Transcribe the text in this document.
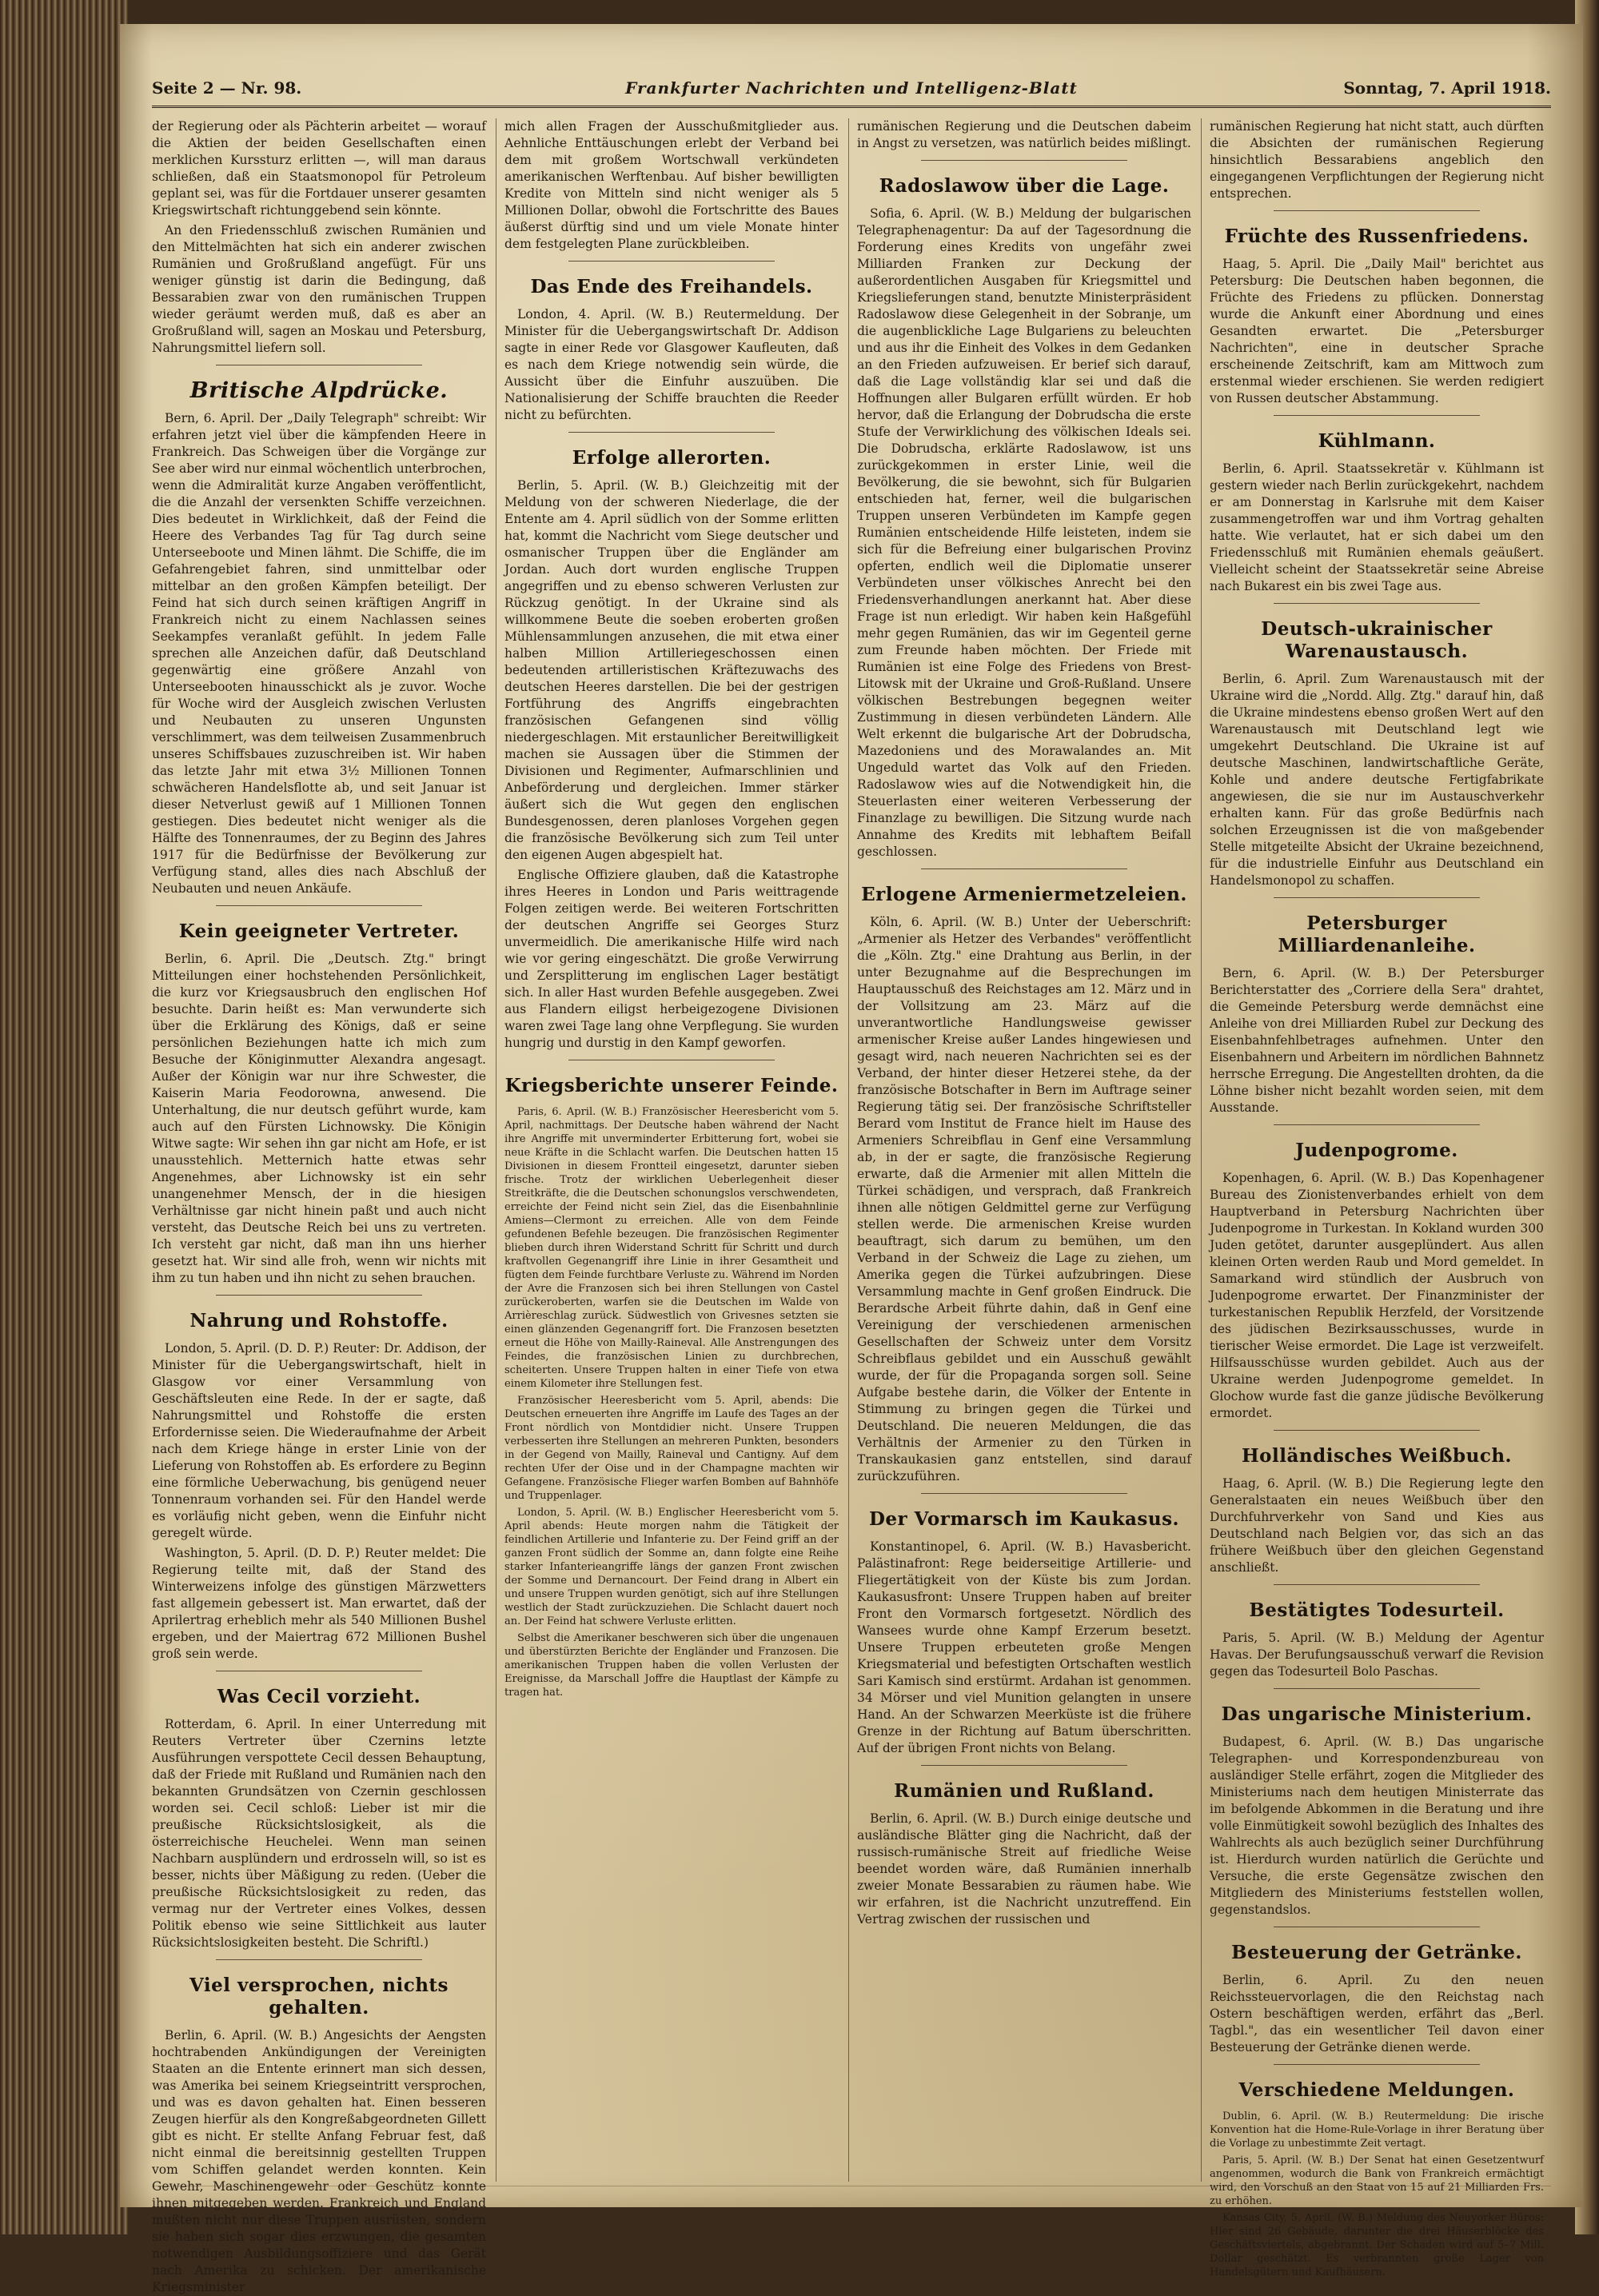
Seite 2 — Nr. 98.	Frankfurter Nachrichten und Intelligenz-Blatt	Sonntag, 7. April 1918.

der Regierung oder als Pächterin arbeitet — worauf die Aktien der beiden Gesellschaften einen merklichen Kurssturz erlitten —, will man daraus schließen, daß ein Staatsmonopol für Petroleum geplant sei, was für die Fortdauer unserer gesamten Kriegswirtschaft richtunggebend sein könnte.

An den Friedensschluß zwischen Rumänien und den Mittelmächten hat sich ein anderer zwischen Rumänien und Großrußland angefügt. Für uns weniger günstig ist darin die Bedingung, daß Bessarabien zwar von den rumänischen Truppen wieder geräumt werden muß, daß es aber an Großrußland will, sagen an Moskau und Petersburg, Nahrungsmittel liefern soll.

Britische Alpdrücke.

Bern, 6. April. Der „Daily Telegraph" schreibt: Wir erfahren jetzt viel über die kämpfenden Heere in Frankreich. Das Schweigen über die Vorgänge zur See aber wird nur einmal wöchentlich unterbrochen, wenn die Admiralität kurze Angaben veröffentlicht, die die Anzahl der versenkten Schiffe verzeichnen. Dies bedeutet in Wirklichkeit, daß der Feind die Heere des Verbandes Tag für Tag durch seine Unterseeboote und Minen lähmt. Die Schiffe, die im Gefahrengebiet fahren, sind unmittelbar oder mittelbar an den großen Kämpfen beteiligt. Der Feind hat sich durch seinen kräftigen Angriff in Frankreich nicht zu einem Nachlassen seines Seekampfes veranlaßt gefühlt. In jedem Falle sprechen alle Anzeichen dafür, daß Deutschland gegenwärtig eine größere Anzahl von Unterseebooten hinausschickt als je zuvor. Woche für Woche wird der Ausgleich zwischen Verlusten und Neubauten zu unseren Ungunsten verschlimmert, was dem teilweisen Zusammenbruch unseres Schiffsbaues zuzuschreiben ist. Wir haben das letzte Jahr mit etwa 3½ Millionen Tonnen schwächeren Handelsflotte ab, und seit Januar ist dieser Netverlust gewiß auf 1 Millionen Tonnen gestiegen. Dies bedeutet nicht weniger als die Hälfte des Tonnenraumes, der zu Beginn des Jahres 1917 für die Bedürfnisse der Bevölkerung zur Verfügung stand, alles dies nach Abschluß der Neubauten und neuen Ankäufe.

Kein geeigneter Vertreter.

Berlin, 6. April. Die „Deutsch. Ztg." bringt Mitteilungen einer hochstehenden Persönlichkeit, die kurz vor Kriegsausbruch den englischen Hof besuchte. Darin heißt es: Man verwunderte sich über die Erklärung des Königs, daß er seine persönlichen Beziehungen hatte ich mich zum Besuche der Königinmutter Alexandra angesagt. Außer der Königin war nur ihre Schwester, die Kaiserin Maria Feodorowna, anwesend. Die Unterhaltung, die nur deutsch geführt wurde, kam auch auf den Fürsten Lichnowsky. Die Königin Witwe sagte: Wir sehen ihn gar nicht am Hofe, er ist unausstehlich. Metternich hatte etwas sehr Angenehmes, aber Lichnowsky ist ein sehr unangenehmer Mensch, der in die hiesigen Verhältnisse gar nicht hinein paßt und auch nicht versteht, das Deutsche Reich bei uns zu vertreten. Ich versteht gar nicht, daß man ihn uns hierher gesetzt hat. Wir sind alle froh, wenn wir nichts mit ihm zu tun haben und ihn nicht zu sehen brauchen.

Nahrung und Rohstoffe.

London, 5. April. (D. D. P.) Reuter: Dr. Addison, der Minister für die Uebergangswirtschaft, hielt in Glasgow vor einer Versammlung von Geschäftsleuten eine Rede. In der er sagte, daß Nahrungsmittel und Rohstoffe die ersten Erfordernisse seien. Die Wiederaufnahme der Arbeit nach dem Kriege hänge in erster Linie von der Lieferung von Rohstoffen ab. Es erfordere zu Beginn eine förmliche Ueberwachung, bis genügend neuer Tonnenraum vorhanden sei. Für den Handel werde es vorläufig nicht geben, wenn die Einfuhr nicht geregelt würde.

Washington, 5. April. (D. D. P.) Reuter meldet: Die Regierung teilte mit, daß der Stand des Winterweizens infolge des günstigen Märzwetters fast allgemein gebessert ist. Man erwartet, daß der Aprilertrag erheblich mehr als 540 Millionen Bushel ergeben, und der Maiertrag 672 Millionen Bushel groß sein werde.

Was Cecil vorzieht.

Rotterdam, 6. April. In einer Unterredung mit Reuters Vertreter über Czernins letzte Ausführungen verspottete Cecil dessen Behauptung, daß der Friede mit Rußland und Rumänien nach den bekannten Grundsätzen von Czernin geschlossen worden sei. Cecil schloß: Lieber ist mir die preußische Rücksichtslosigkeit, als die österreichische Heuchelei. Wenn man seinen Nachbarn ausplündern und erdrosseln will, so ist es besser, nichts über Mäßigung zu reden. (Ueber die preußische Rücksichtslosigkeit zu reden, das vermag nur der Vertreter eines Volkes, dessen Politik ebenso wie seine Sittlichkeit aus lauter Rücksichtslosigkeiten besteht. Die Schriftl.)

Viel versprochen, nichts gehalten.

Berlin, 6. April. (W. B.) Angesichts der Aengsten hochtrabenden Ankündigungen der Vereinigten Staaten an die Entente erinnert man sich dessen, was Amerika bei seinem Kriegseintritt versprochen, und was es davon gehalten hat. Einen besseren Zeugen hierfür als den Kongreßabgeordneten Gillett gibt es nicht. Er stellte Anfang Februar fest, daß nicht einmal die bereitsinnig gestellten Truppen vom Schiffen gelandet werden konnten. Kein Gewehr, Maschinengewehr oder Geschütz konnte ihnen mitgegeben werden. Frankreich und England mußten nicht nur diese Truppen ausrüsten, sondern sie haben sich sogar dies erzwungen, die gesamten notwendigen Ausbildungsoffiziere und das Gerät nach Amerika zu schicken. Der amerikanische Kriegsminister

mich allen Fragen der Ausschußmitglieder aus. Aehnliche Enttäuschungen erlebt der Verband bei dem mit großem Wortschwall verkündeten amerikanischen Werftenbau. Auf bisher bewilligten Kredite von Mitteln sind nicht weniger als 5 Millionen Dollar, obwohl die Fortschritte des Baues äußerst dürftig sind und um viele Monate hinter dem festgelegten Plane zurückbleiben.

Das Ende des Freihandels.

London, 4. April. (W. B.) Reutermeldung. Der Minister für die Uebergangswirtschaft Dr. Addison sagte in einer Rede vor Glasgower Kaufleuten, daß es nach dem Kriege notwendig sein würde, die Aussicht über die Einfuhr auszuüben. Die Nationalisierung der Schiffe brauchten die Reeder nicht zu befürchten.

Erfolge allerorten.

Berlin, 5. April. (W. B.) Gleichzeitig mit der Meldung von der schweren Niederlage, die der Entente am 4. April südlich von der Somme erlitten hat, kommt die Nachricht vom Siege deutscher und osmanischer Truppen über die Engländer am Jordan. Auch dort wurden englische Truppen angegriffen und zu ebenso schweren Verlusten zur Rückzug genötigt. In der Ukraine sind als willkommene Beute die soeben eroberten großen Mühlensammlungen anzusehen, die mit etwa einer halben Million Artilleriegeschossen einen bedeutenden artilleristischen Kräftezuwachs des deutschen Heeres darstellen. Die bei der gestrigen Fortführung des Angriffs eingebrachten französischen Gefangenen sind völlig niedergeschlagen. Mit erstaunlicher Bereitwilligkeit machen sie Aussagen über die Stimmen der Divisionen und Regimenter, Aufmarschlinien und Anbeförderung und dergleichen. Immer stärker äußert sich die Wut gegen den englischen Bundesgenossen, deren planloses Vorgehen gegen die französische Bevölkerung sich zum Teil unter den eigenen Augen abgespielt hat.

Englische Offiziere glauben, daß die Katastrophe ihres Heeres in London und Paris weittragende Folgen zeitigen werde. Bei weiteren Fortschritten der deutschen Angriffe sei Georges Sturz unvermeidlich. Die amerikanische Hilfe wird nach wie vor gering eingeschätzt. Die große Verwirrung und Zersplitterung im englischen Lager bestätigt sich. In aller Hast wurden Befehle ausgegeben. Zwei aus Flandern eiligst herbeigezogene Divisionen waren zwei Tage lang ohne Verpflegung. Sie wurden hungrig und durstig in den Kampf geworfen.

Kriegsberichte unserer Feinde.

Paris, 6. April. (W. B.) Französischer Heeresbericht vom 5. April, nachmittags. Der Deutsche haben während der Nacht ihre Angriffe mit unverminderter Erbitterung fort, wobei sie neue Kräfte in die Schlacht warfen. Die Deutschen hatten 15 Divisionen in diesem Frontteil eingesetzt, darunter sieben frische. Trotz der wirklichen Ueberlegenheit dieser Streitkräfte, die die Deutschen schonungslos verschwendeten, erreichte der Feind nicht sein Ziel, das die Eisenbahnlinie Amiens—Clermont zu erreichen. Alle von dem Feinde gefundenen Befehle bezeugen. Die französischen Regimenter blieben durch ihren Widerstand Schritt für Schritt und durch kraftvollen Gegenangriff ihre Linie in ihrer Gesamtheit und fügten dem Feinde furchtbare Verluste zu. Während im Norden der Avre die Franzosen sich bei ihren Stellungen von Castel zurückeroberten, warfen sie die Deutschen im Walde von Arrièreschlag zurück. Südwestlich von Grivesnes setzten sie einen glänzenden Gegenangriff fort. Die Franzosen besetzten erneut die Höhe von Mailly-Raineval. Alle Anstrengungen des Feindes, die französischen Linien zu durchbrechen, scheiterten. Unsere Truppen halten in einer Tiefe von etwa einem Kilometer ihre Stellungen fest.

Französischer Heeresbericht vom 5. April, abends: Die Deutschen erneuerten ihre Angriffe im Laufe des Tages an der Front nördlich von Montdidier nicht. Unsere Truppen verbesserten ihre Stellungen an mehreren Punkten, besonders in der Gegend von Mailly, Raineval und Cantigny. Auf dem rechten Ufer der Oise und in der Champagne machten wir Gefangene. Französische Flieger warfen Bomben auf Bahnhöfe und Truppenlager.

London, 5. April. (W. B.) Englischer Heeresbericht vom 5. April abends: Heute morgen nahm die Tätigkeit der feindlichen Artillerie und Infanterie zu. Der Feind griff an der ganzen Front südlich der Somme an, dann folgte eine Reihe starker Infanterieangriffe längs der ganzen Front zwischen der Somme und Dernancourt. Der Feind drang in Albert ein und unsere Truppen wurden genötigt, sich auf ihre Stellungen westlich der Stadt zurückzuziehen. Die Schlacht dauert noch an. Der Feind hat schwere Verluste erlitten.

Selbst die Amerikaner beschweren sich über die ungenauen und überstürzten Berichte der Engländer und Franzosen. Die amerikanischen Truppen haben die vollen Verlusten der Ereignisse, da Marschall Joffre die Hauptlast der Kämpfe zu tragen hat.

rumänischen Regierung und die Deutschen dabeim in Angst zu versetzen, was natürlich beides mißlingt.

Radoslawow über die Lage.

Sofia, 6. April. (W. B.) Meldung der bulgarischen Telegraphenagentur: Da auf der Tagesordnung die Forderung eines Kredits von ungefähr zwei Milliarden Franken zur Deckung der außerordentlichen Ausgaben für Kriegsmittel und Kriegslieferungen stand, benutzte Ministerpräsident Radoslawow diese Gelegenheit in der Sobranje, um die augenblickliche Lage Bulgariens zu beleuchten und aus ihr die Einheit des Volkes in dem Gedanken an den Frieden aufzuweisen. Er berief sich darauf, daß die Lage vollständig klar sei und daß die Hoffnungen aller Bulgaren erfüllt würden. Er hob hervor, daß die Erlangung der Dobrudscha die erste Stufe der Verwirklichung des völkischen Ideals sei. Die Dobrudscha, erklärte Radoslawow, ist uns zurückgekommen in erster Linie, weil die Bevölkerung, die sie bewohnt, sich für Bulgarien entschieden hat, ferner, weil die bulgarischen Truppen unseren Verbündeten im Kampfe gegen Rumänien entscheidende Hilfe leisteten, indem sie sich für die Befreiung einer bulgarischen Provinz opferten, endlich weil die Diplomatie unserer Verbündeten unser völkisches Anrecht bei den Friedensverhandlungen anerkannt hat. Aber diese Frage ist nun erledigt. Wir haben kein Haßgefühl mehr gegen Rumänien, das wir im Gegenteil gerne zum Freunde haben möchten. Der Friede mit Rumänien ist eine Folge des Friedens von Brest-Litowsk mit der Ukraine und Groß-Rußland. Unsere völkischen Bestrebungen begegnen weiter Zustimmung in diesen verbündeten Ländern. Alle Welt erkennt die bulgarische Art der Dobrudscha, Mazedoniens und des Morawalandes an. Mit Ungeduld wartet das Volk auf den Frieden. Radoslawow wies auf die Notwendigkeit hin, die Steuerlasten einer weiteren Verbesserung der Finanzlage zu bewilligen. Die Sitzung wurde nach Annahme des Kredits mit lebhaftem Beifall geschlossen.

Erlogene Armeniermetzeleien.

Köln, 6. April. (W. B.) Unter der Ueberschrift: „Armenier als Hetzer des Verbandes" veröffentlicht die „Köln. Ztg." eine Drahtung aus Berlin, in der unter Bezugnahme auf die Besprechungen im Hauptausschuß des Reichstages am 12. März und in der Vollsitzung am 23. März auf die unverantwortliche Handlungsweise gewisser armenischer Kreise außer Landes hingewiesen und gesagt wird, nach neueren Nachrichten sei es der Verband, der hinter dieser Hetzerei stehe, da der französische Botschafter in Bern im Auftrage seiner Regierung tätig sei. Der französische Schriftsteller Berard vom Institut de France hielt im Hause des Armeniers Schreibflau in Genf eine Versammlung ab, in der er sagte, die französische Regierung erwarte, daß die Armenier mit allen Mitteln die Türkei schädigen, und versprach, daß Frankreich ihnen alle nötigen Geldmittel gerne zur Verfügung stellen werde. Die armenischen Kreise wurden beauftragt, sich darum zu bemühen, um den Verband in der Schweiz die Lage zu ziehen, um Amerika gegen die Türkei aufzubringen. Diese Versammlung machte in Genf großen Eindruck. Die Berardsche Arbeit führte dahin, daß in Genf eine Vereinigung der verschiedenen armenischen Gesellschaften der Schweiz unter dem Vorsitz Schreibflaus gebildet und ein Ausschuß gewählt wurde, der für die Propaganda sorgen soll. Seine Aufgabe bestehe darin, die Völker der Entente in Stimmung zu bringen gegen die Türkei und Deutschland. Die neueren Meldungen, die das Verhältnis der Armenier zu den Türken in Transkaukasien ganz entstellen, sind darauf zurückzuführen.

Der Vormarsch im Kaukasus.

Konstantinopel, 6. April. (W. B.) Havasbericht. Palästinafront: Rege beiderseitige Artillerie- und Fliegertätigkeit von der Küste bis zum Jordan. Kaukasusfront: Unsere Truppen haben auf breiter Front den Vormarsch fortgesetzt. Nördlich des Wansees wurde ohne Kampf Erzerum besetzt. Unsere Truppen erbeuteten große Mengen Kriegsmaterial und befestigten Ortschaften westlich Sari Kamisch sind erstürmt. Ardahan ist genommen. 34 Mörser und viel Munition gelangten in unsere Hand. An der Schwarzen Meerküste ist die frühere Grenze in der Richtung auf Batum überschritten. Auf der übrigen Front nichts von Belang.

Rumänien und Rußland.

Berlin, 6. April. (W. B.) Durch einige deutsche und ausländische Blätter ging die Nachricht, daß der russisch-rumänische Streit auf friedliche Weise beendet worden wäre, daß Rumänien innerhalb zweier Monate Bessarabien zu räumen habe. Wie wir erfahren, ist die Nachricht unzutreffend. Ein Vertrag zwischen der russischen und

rumänischen Regierung hat nicht statt, auch dürften die Absichten der rumänischen Regierung hinsichtlich Bessarabiens angeblich den eingegangenen Verpflichtungen der Regierung nicht entsprechen.

Früchte des Russenfriedens.

Haag, 5. April. Die „Daily Mail" berichtet aus Petersburg: Die Deutschen haben begonnen, die Früchte des Friedens zu pflücken. Donnerstag wurde die Ankunft einer Abordnung und eines Gesandten erwartet. Die „Petersburger Nachrichten", eine in deutscher Sprache erscheinende Zeitschrift, kam am Mittwoch zum erstenmal wieder erschienen. Sie werden redigiert von Russen deutscher Abstammung.

Kühlmann.

Berlin, 6. April. Staatssekretär v. Kühlmann ist gestern wieder nach Berlin zurückgekehrt, nachdem er am Donnerstag in Karlsruhe mit dem Kaiser zusammengetroffen war und ihm Vortrag gehalten hatte. Wie verlautet, hat er sich dabei um den Friedensschluß mit Rumänien ehemals geäußert. Vielleicht scheint der Staatssekretär seine Abreise nach Bukarest ein bis zwei Tage aus.

Deutsch-ukrainischer Warenaustausch.

Berlin, 6. April. Zum Warenaustausch mit der Ukraine wird die „Nordd. Allg. Ztg." darauf hin, daß die Ukraine mindestens ebenso großen Wert auf den Warenaustausch mit Deutschland legt wie umgekehrt Deutschland. Die Ukraine ist auf deutsche Maschinen, landwirtschaftliche Geräte, Kohle und andere deutsche Fertigfabrikate angewiesen, die sie nur im Austauschverkehr erhalten kann. Für das große Bedürfnis nach solchen Erzeugnissen ist die von maßgebender Stelle mitgeteilte Absicht der Ukraine bezeichnend, für die industrielle Einfuhr aus Deutschland ein Handelsmonopol zu schaffen.

Petersburger Milliardenanleihe.

Bern, 6. April. (W. B.) Der Petersburger Berichterstatter des „Corriere della Sera" drahtet, die Gemeinde Petersburg werde demnächst eine Anleihe von drei Milliarden Rubel zur Deckung des Eisenbahnfehlbetrages aufnehmen. Unter den Eisenbahnern und Arbeitern im nördlichen Bahnnetz herrsche Erregung. Die Angestellten drohten, da die Löhne bisher nicht bezahlt worden seien, mit dem Ausstande.

Judenpogrome.

Kopenhagen, 6. April. (W. B.) Das Kopenhagener Bureau des Zionistenverbandes erhielt von dem Hauptverband in Petersburg Nachrichten über Judenpogrome in Turkestan. In Kokland wurden 300 Juden getötet, darunter ausgeplündert. Aus allen kleinen Orten werden Raub und Mord gemeldet. In Samarkand wird stündlich der Ausbruch von Judenpogrome erwartet. Der Finanzminister der turkestanischen Republik Herzfeld, der Vorsitzende des jüdischen Bezirksausschusses, wurde in tierischer Weise ermordet. Die Lage ist verzweifelt. Hilfsausschüsse wurden gebildet. Auch aus der Ukraine werden Judenpogrome gemeldet. In Glochow wurde fast die ganze jüdische Bevölkerung ermordet.

Holländisches Weißbuch.

Haag, 6. April. (W. B.) Die Regierung legte den Generalstaaten ein neues Weißbuch über den Durchfuhrverkehr von Sand und Kies aus Deutschland nach Belgien vor, das sich an das frühere Weißbuch über den gleichen Gegenstand anschließt.

Bestätigtes Todesurteil.

Paris, 5. April. (W. B.) Meldung der Agentur Havas. Der Berufungsausschuß verwarf die Revision gegen das Todesurteil Bolo Paschas.

Das ungarische Ministerium.

Budapest, 6. April. (W. B.) Das ungarische Telegraphen- und Korrespondenzbureau von ausländiger Stelle erfährt, zogen die Mitglieder des Ministeriums nach dem heutigen Ministerrate das im befolgende Abkommen in die Beratung und ihre volle Einmütigkeit sowohl bezüglich des Inhaltes des Wahlrechts als auch bezüglich seiner Durchführung ist. Hierdurch wurden natürlich die Gerüchte und Versuche, die erste Gegensätze zwischen den Mitgliedern des Ministeriums feststellen wollen, gegenstandslos.

Besteuerung der Getränke.

Berlin, 6. April. Zu den neuen Reichssteuervorlagen, die den Reichstag nach Ostern beschäftigen werden, erfährt das „Berl. Tagbl.", das ein wesentlicher Teil davon einer Besteuerung der Getränke dienen werde.

Verschiedene Meldungen.

Dublin, 6. April. (W. B.) Reutermeldung: Die irische Konvention hat die Home-Rule-Vorlage in ihrer Beratung über die Vorlage zu unbestimmte Zeit vertagt.

Paris, 5. April. (W. B.) Der Senat hat einen Gesetzentwurf angenommen, wodurch die Bank von Frankreich ermächtigt wird, den Vorschuß an den Staat von 15 auf 21 Milliarden Frs. zu erhöhen.

Kansas City, 5. April. (W. B.) Meldung des Neuyorker Büros: Hier sind 26 Gebäude, darunter die drei Häuserblöcke des Geschäftsviertels, abgebrannt. Der Schaden wird auf 5–7 Mill. Dollar geschätzt. Es verbrannten große Lager von Handelsgütern und Kaufhäusern.
